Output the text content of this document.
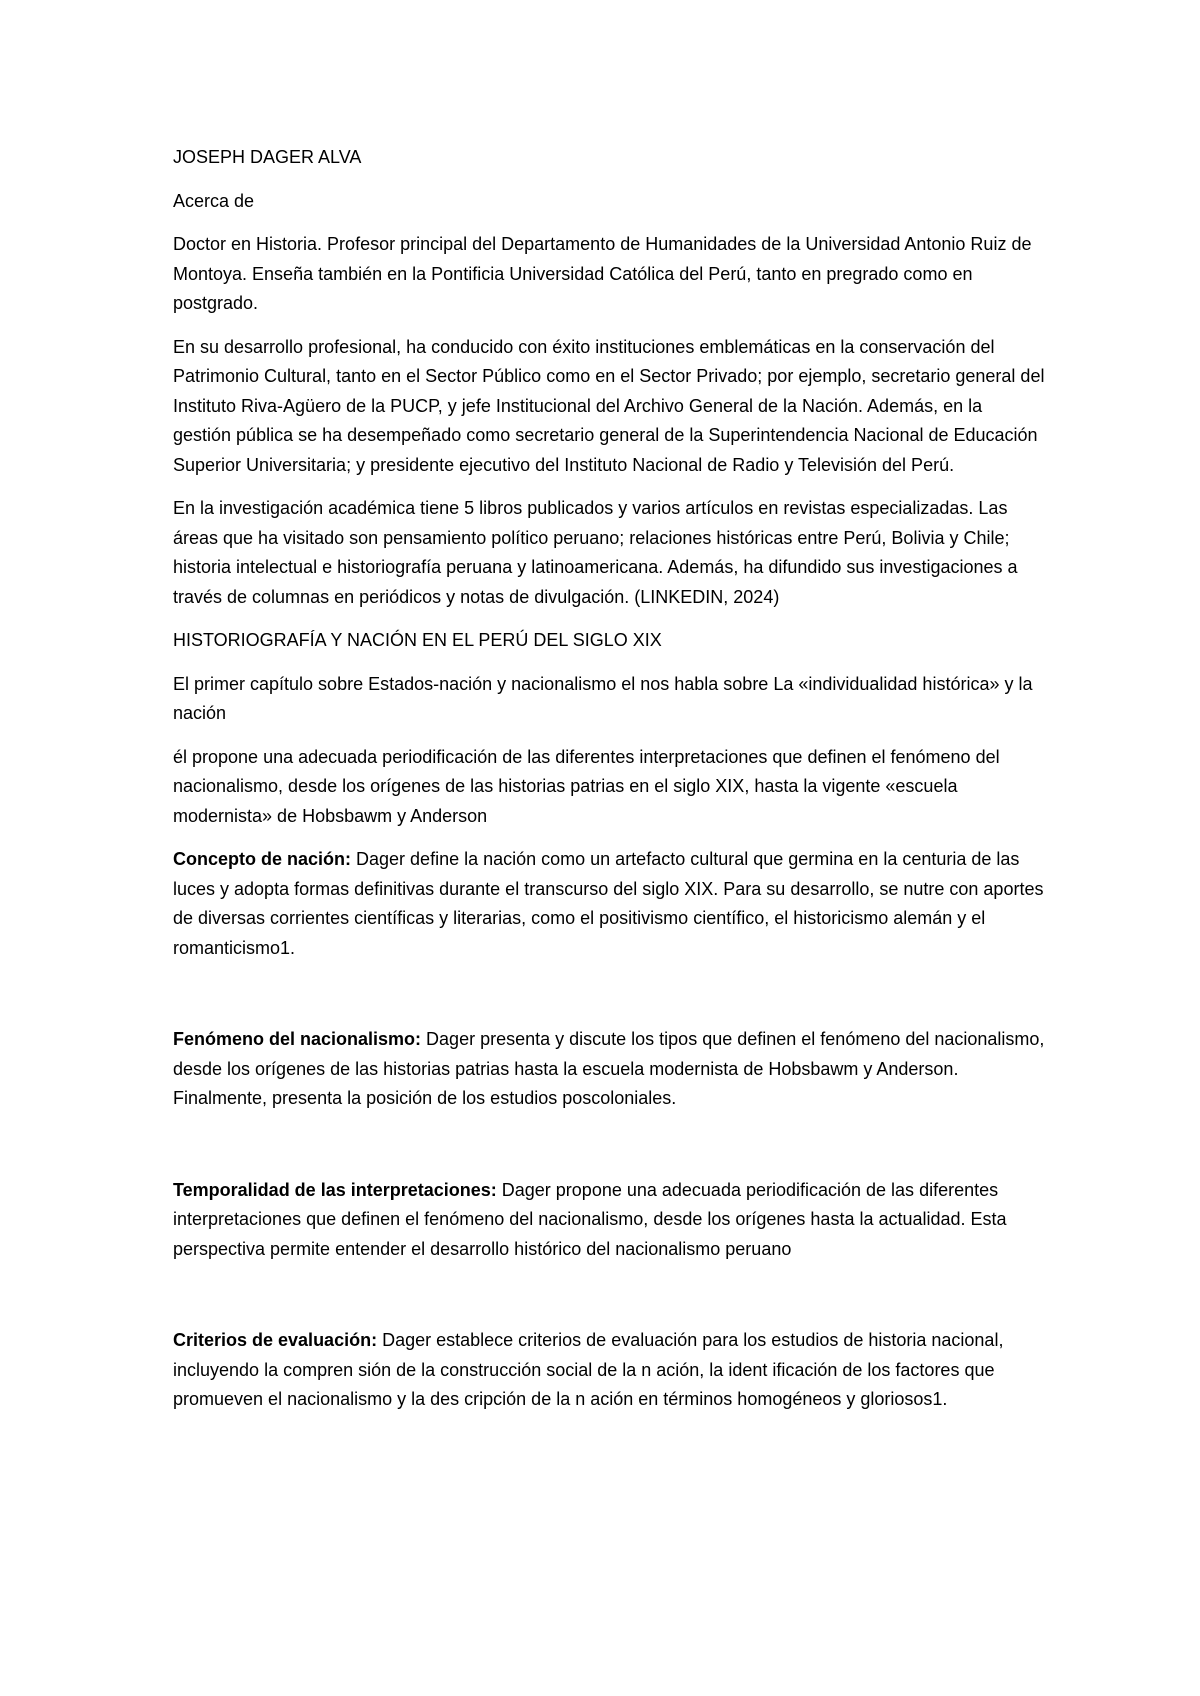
JOSEPH DAGER ALVA

Acerca de

Doctor en Historia. Profesor principal del Departamento de Humanidades de la Universidad Antonio Ruiz de Montoya. Enseña también en la Pontificia Universidad Católica del Perú, tanto en pregrado como en postgrado.

En su desarrollo profesional, ha conducido con éxito instituciones emblemáticas en la conservación del Patrimonio Cultural, tanto en el Sector Público como en el Sector Privado; por ejemplo, secretario general del Instituto Riva-Agüero de la PUCP, y jefe Institucional del Archivo General de la Nación. Además, en la gestión pública se ha desempeñado como secretario general de la Superintendencia Nacional de Educación Superior Universitaria; y presidente ejecutivo del Instituto Nacional de Radio y Televisión del Perú.

En la investigación académica tiene 5 libros publicados y varios artículos en revistas especializadas. Las áreas que ha visitado son pensamiento político peruano; relaciones históricas entre Perú, Bolivia y Chile; historia intelectual e historiografía peruana y latinoamericana. Además, ha difundido sus investigaciones a través de columnas en periódicos y notas de divulgación. (LINKEDIN, 2024)

HISTORIOGRAFÍA Y NACIÓN EN EL PERÚ DEL SIGLO XIX

El primer capítulo sobre Estados-nación y nacionalismo el nos habla sobre La «individualidad histórica» y la nación

él propone una adecuada periodificación de las diferentes interpretaciones que definen el fenómeno del nacionalismo, desde los orígenes de las historias patrias en el siglo XIX, hasta la vigente «escuela modernista» de Hobsbawm y Anderson

Concepto de nación: Dager define la nación como un artefacto cultural que germina en la centuria de las luces y adopta formas definitivas durante el transcurso del siglo XIX. Para su desarrollo, se nutre con aportes de diversas corrientes científicas y literarias, como el positivismo científico, el historicismo alemán y el romanticismo1.

Fenómeno del nacionalismo: Dager presenta y discute los tipos que definen el fenómeno del nacionalismo, desde los orígenes de las historias patrias hasta la escuela modernista de Hobsbawm y Anderson. Finalmente, presenta la posición de los estudios poscoloniales.

Temporalidad de las interpretaciones: Dager propone una adecuada periodificación de las diferentes interpretaciones que definen el fenómeno del nacionalismo, desde los orígenes hasta la actualidad. Esta perspectiva permite entender el desarrollo histórico del nacionalismo peruano

Criterios de evaluación: Dager establece criterios de evaluación para los estudios de historia nacional, incluyendo la compren sión de la construcción social de la n ación, la ident ificación de los factores que promueven el nacionalismo y la des cripción de la n ación en términos homogéneos y gloriosos1.
